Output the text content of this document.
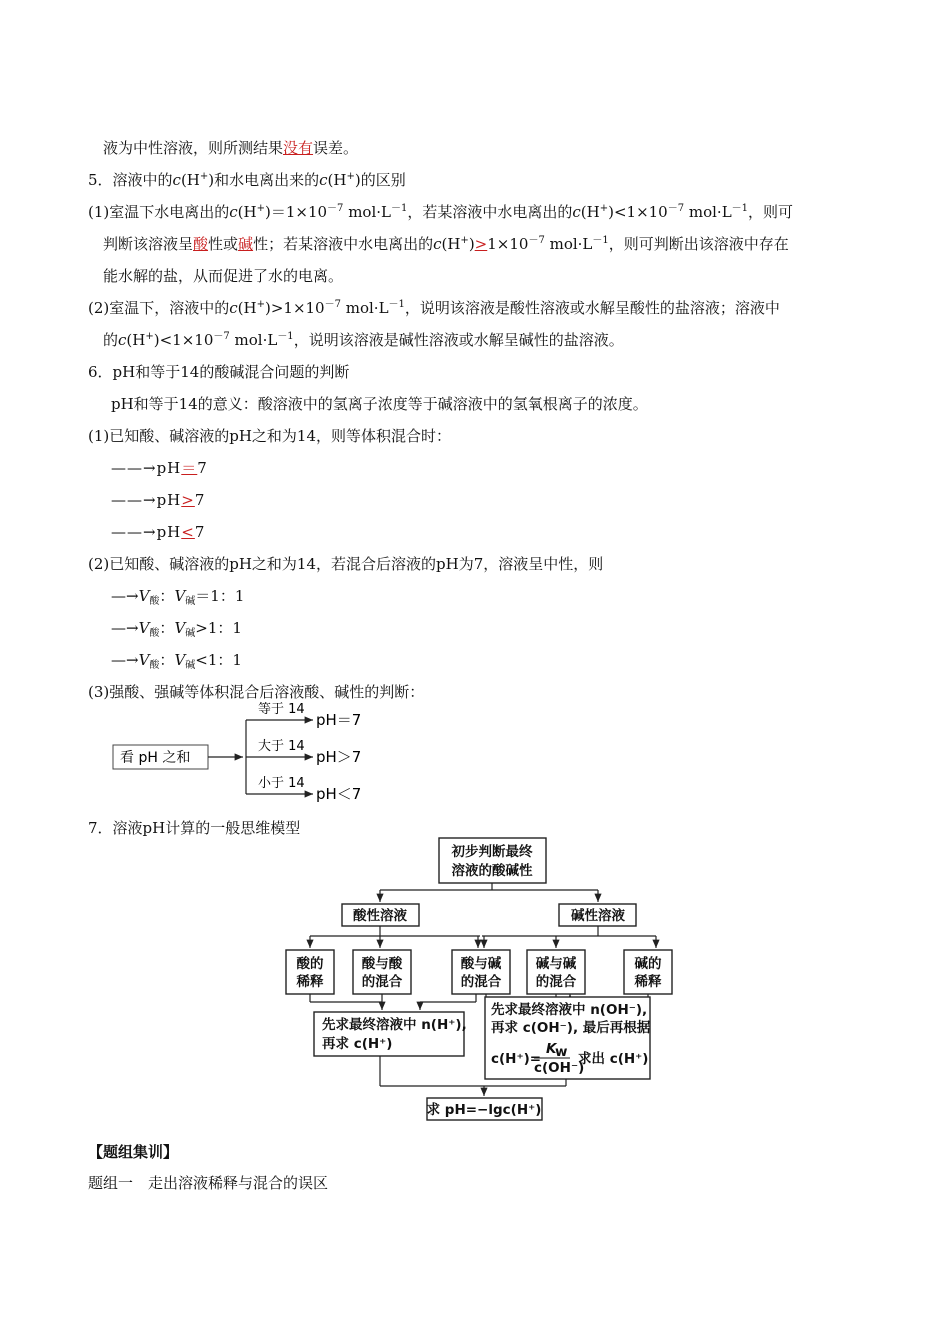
液为中性溶液，则所测结果没有误差。
5．溶液中的c(H+)和水电离出来的c(H+)的区别
(1)室温下水电离出的$c(H^+)=1\times 10^{-7}$ $mol\cdot L^{-1}$，若某溶液中水电离出的$c(H^+)<1\times 10^{-7}$ $mol\cdot L^{-1}$，则可
判断该溶液呈酸性或碱性；若某溶液中水电离出的$c(H^+)>1\times 10^{-7}$ $mol\cdot L^{-1}$，则可判断出该溶液中存在
能水解的盐，从而促进了水的电离。
(2)室温下，溶液中的$c(H^+)>1\times 10^{-7}$ $mol\cdot L^{-1}$，说明该溶液是酸性溶液或水解呈酸性的盐溶液；溶液中
的$c(H^+)<1\times 10^{-7}$ $mol\cdot L^{-1}$，说明该溶液是碱性溶液或水解呈碱性的盐溶液。
6．pH和等于14的酸碱混合问题的判断
pH和等于14的意义：酸溶液中的氢离子浓度等于碱溶液中的氢氧根离子的浓度。
(1)已知酸、碱溶液的pH之和为14，则等体积混合时：
——→pH＝7
——→pH>7
——→pH<7
(2)已知酸、碱溶液的pH之和为14，若混合后溶液的pH为7，溶液呈中性，则
$—\to V_酸$：$V_碱=1$：1
$—\to V_酸$：$V_碱>1$：1
$—\to V_酸$：$V_碱<1$：1
(3)强酸、强碱等体积混合后溶液酸、碱性的判断：
看 pH 之和
等于 14
大于 14
小于 14
pH＝7
pH＞7
pH＜7
7．溶液pH计算的一般思维模型
初步判断最终
溶液的酸碱性
酸性溶液	碱性溶液
酸的
稀释
酸与酸
的混合
酸与碱
的混合
碱与碱
的混合
碱的
稀释
先求最终溶液中 n(H⁺),
再求 c(H⁺)
先求最终溶液中 n(OH⁻),
再求 c(OH⁻), 最后再根据
c(H⁺)=
K
w
c(OH⁻)
求出 c(H⁺)
求 pH=−lgc(H⁺)
【题组集训】
题组一　走出溶液稀释与混合的误区
